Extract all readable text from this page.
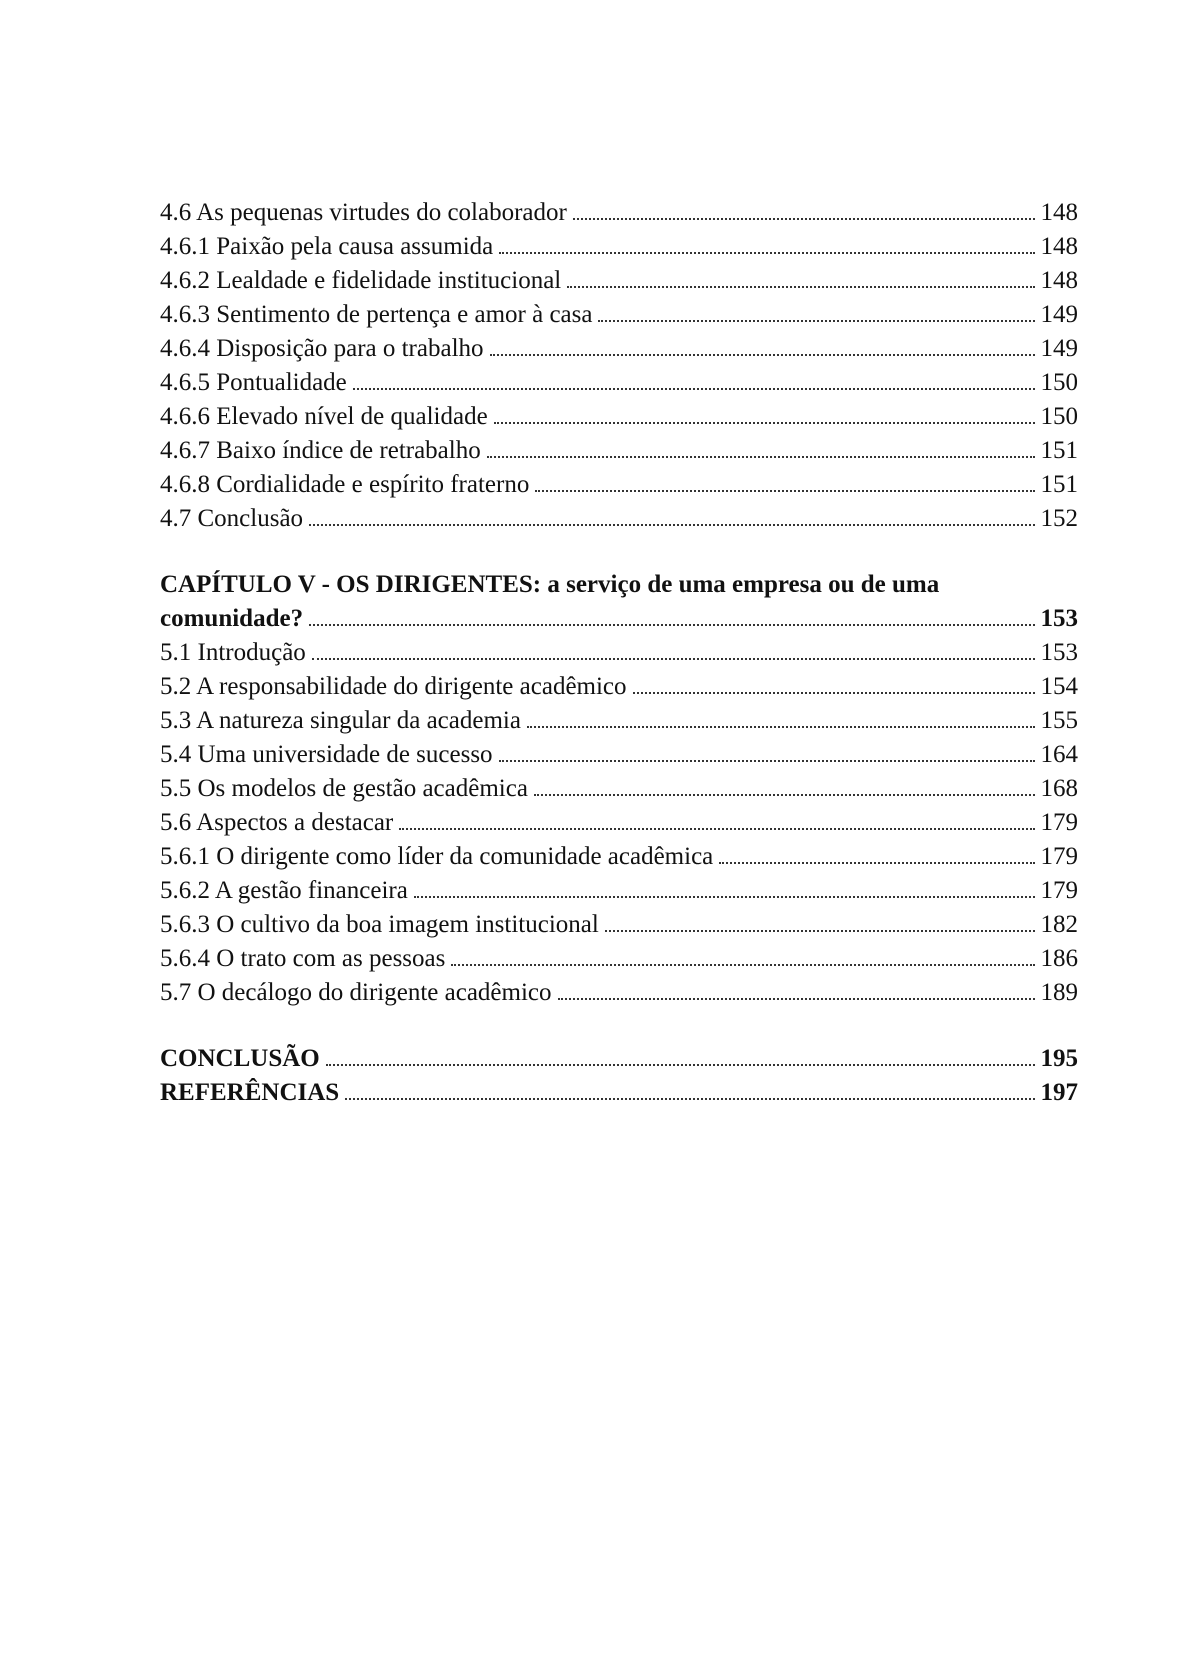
4.6 As pequenas virtudes do colaborador	148
4.6.1 Paixão pela causa assumida	148
4.6.2 Lealdade e fidelidade institucional	148
4.6.3 Sentimento de pertença e amor à casa	149
4.6.4 Disposição para o trabalho	149
4.6.5 Pontualidade	150
4.6.6 Elevado nível de qualidade	150
4.6.7 Baixo índice de retrabalho	151
4.6.8 Cordialidade e espírito fraterno	151
4.7 Conclusão	152
CAPÍTULO V - OS DIRIGENTES: a serviço de uma empresa ou de uma
comunidade?	153
5.1 Introdução	153
5.2 A responsabilidade do dirigente acadêmico	154
5.3 A natureza singular da academia	155
5.4 Uma universidade de sucesso	164
5.5 Os modelos de gestão acadêmica	168
5.6 Aspectos a destacar	179
5.6.1 O dirigente como líder da comunidade acadêmica	179
5.6.2 A gestão financeira	179
5.6.3 O cultivo da boa imagem institucional	182
5.6.4 O trato com as pessoas	186
5.7 O decálogo do dirigente acadêmico	189
CONCLUSÃO	195
REFERÊNCIAS	197
